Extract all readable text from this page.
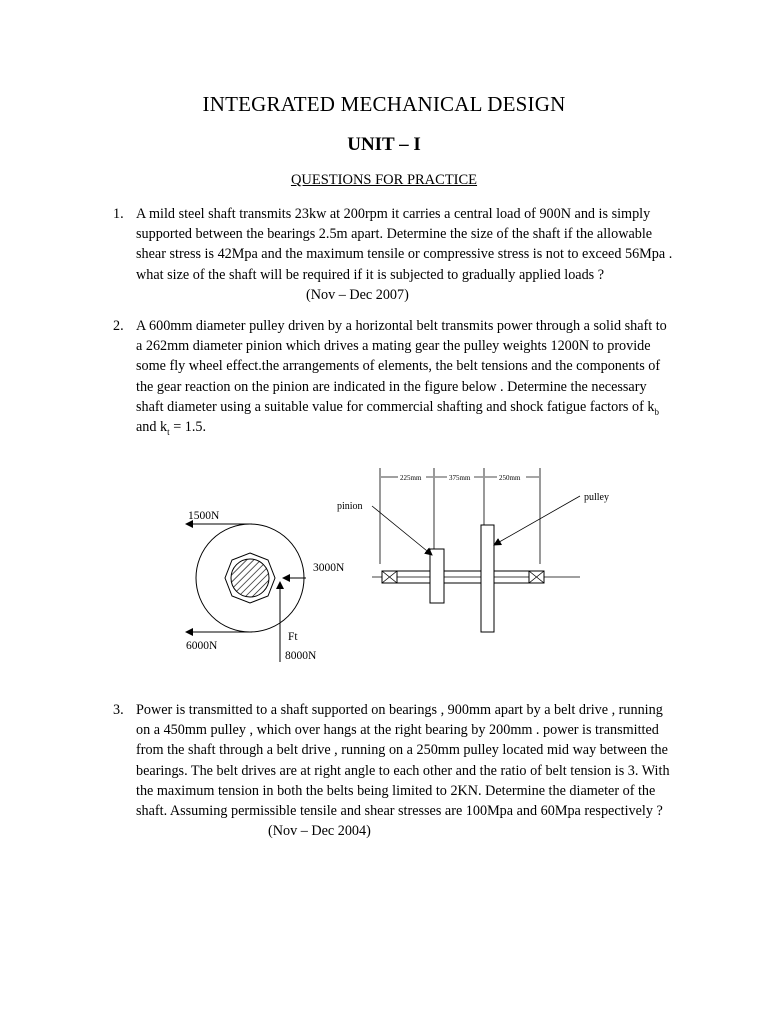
INTEGRATED MECHANICAL DESIGN
UNIT – I
QUESTIONS FOR PRACTICE
1. A mild steel shaft transmits 23kw at 200rpm it carries a central load of 900N and is simply supported between the bearings 2.5m apart. Determine the size of the shaft if the allowable shear stress is 42Mpa and the maximum tensile or compressive stress is not to exceed 56Mpa . what size of the shaft will be required if it is subjected to gradually applied loads ? (Nov – Dec 2007)
2. A 600mm diameter pulley driven by a horizontal belt transmits power through a solid shaft to a 262mm diameter pinion which drives a mating gear the pulley weights 1200N to provide some fly wheel effect.the arrangements of elements, the belt tensions and the components of the gear reaction on the pinion are indicated in the figure below . Determine the necessary shaft diameter using a suitable value for commercial shafting and shock fatigue factors of $k_b$ and $k_t = 1.5$.
1500N
3000N
6000N
Ft
8000N
225mm	375mm	250mm
pinion
pulley
3. Power is transmitted to a shaft supported on bearings , 900mm apart by a belt drive , running on a 450mm pulley , which over hangs at the right bearing by 200mm . power is transmitted from the shaft through a belt drive , running on a 250mm pulley located mid way between the bearings. The belt drives are at right angle to each other and the ratio of belt tension is 3. With the maximum tension in both the belts being limited to 2KN. Determine the diameter of the shaft. Assuming permissible tensile and shear stresses are 100Mpa and 60Mpa respectively ? (Nov – Dec 2004)
